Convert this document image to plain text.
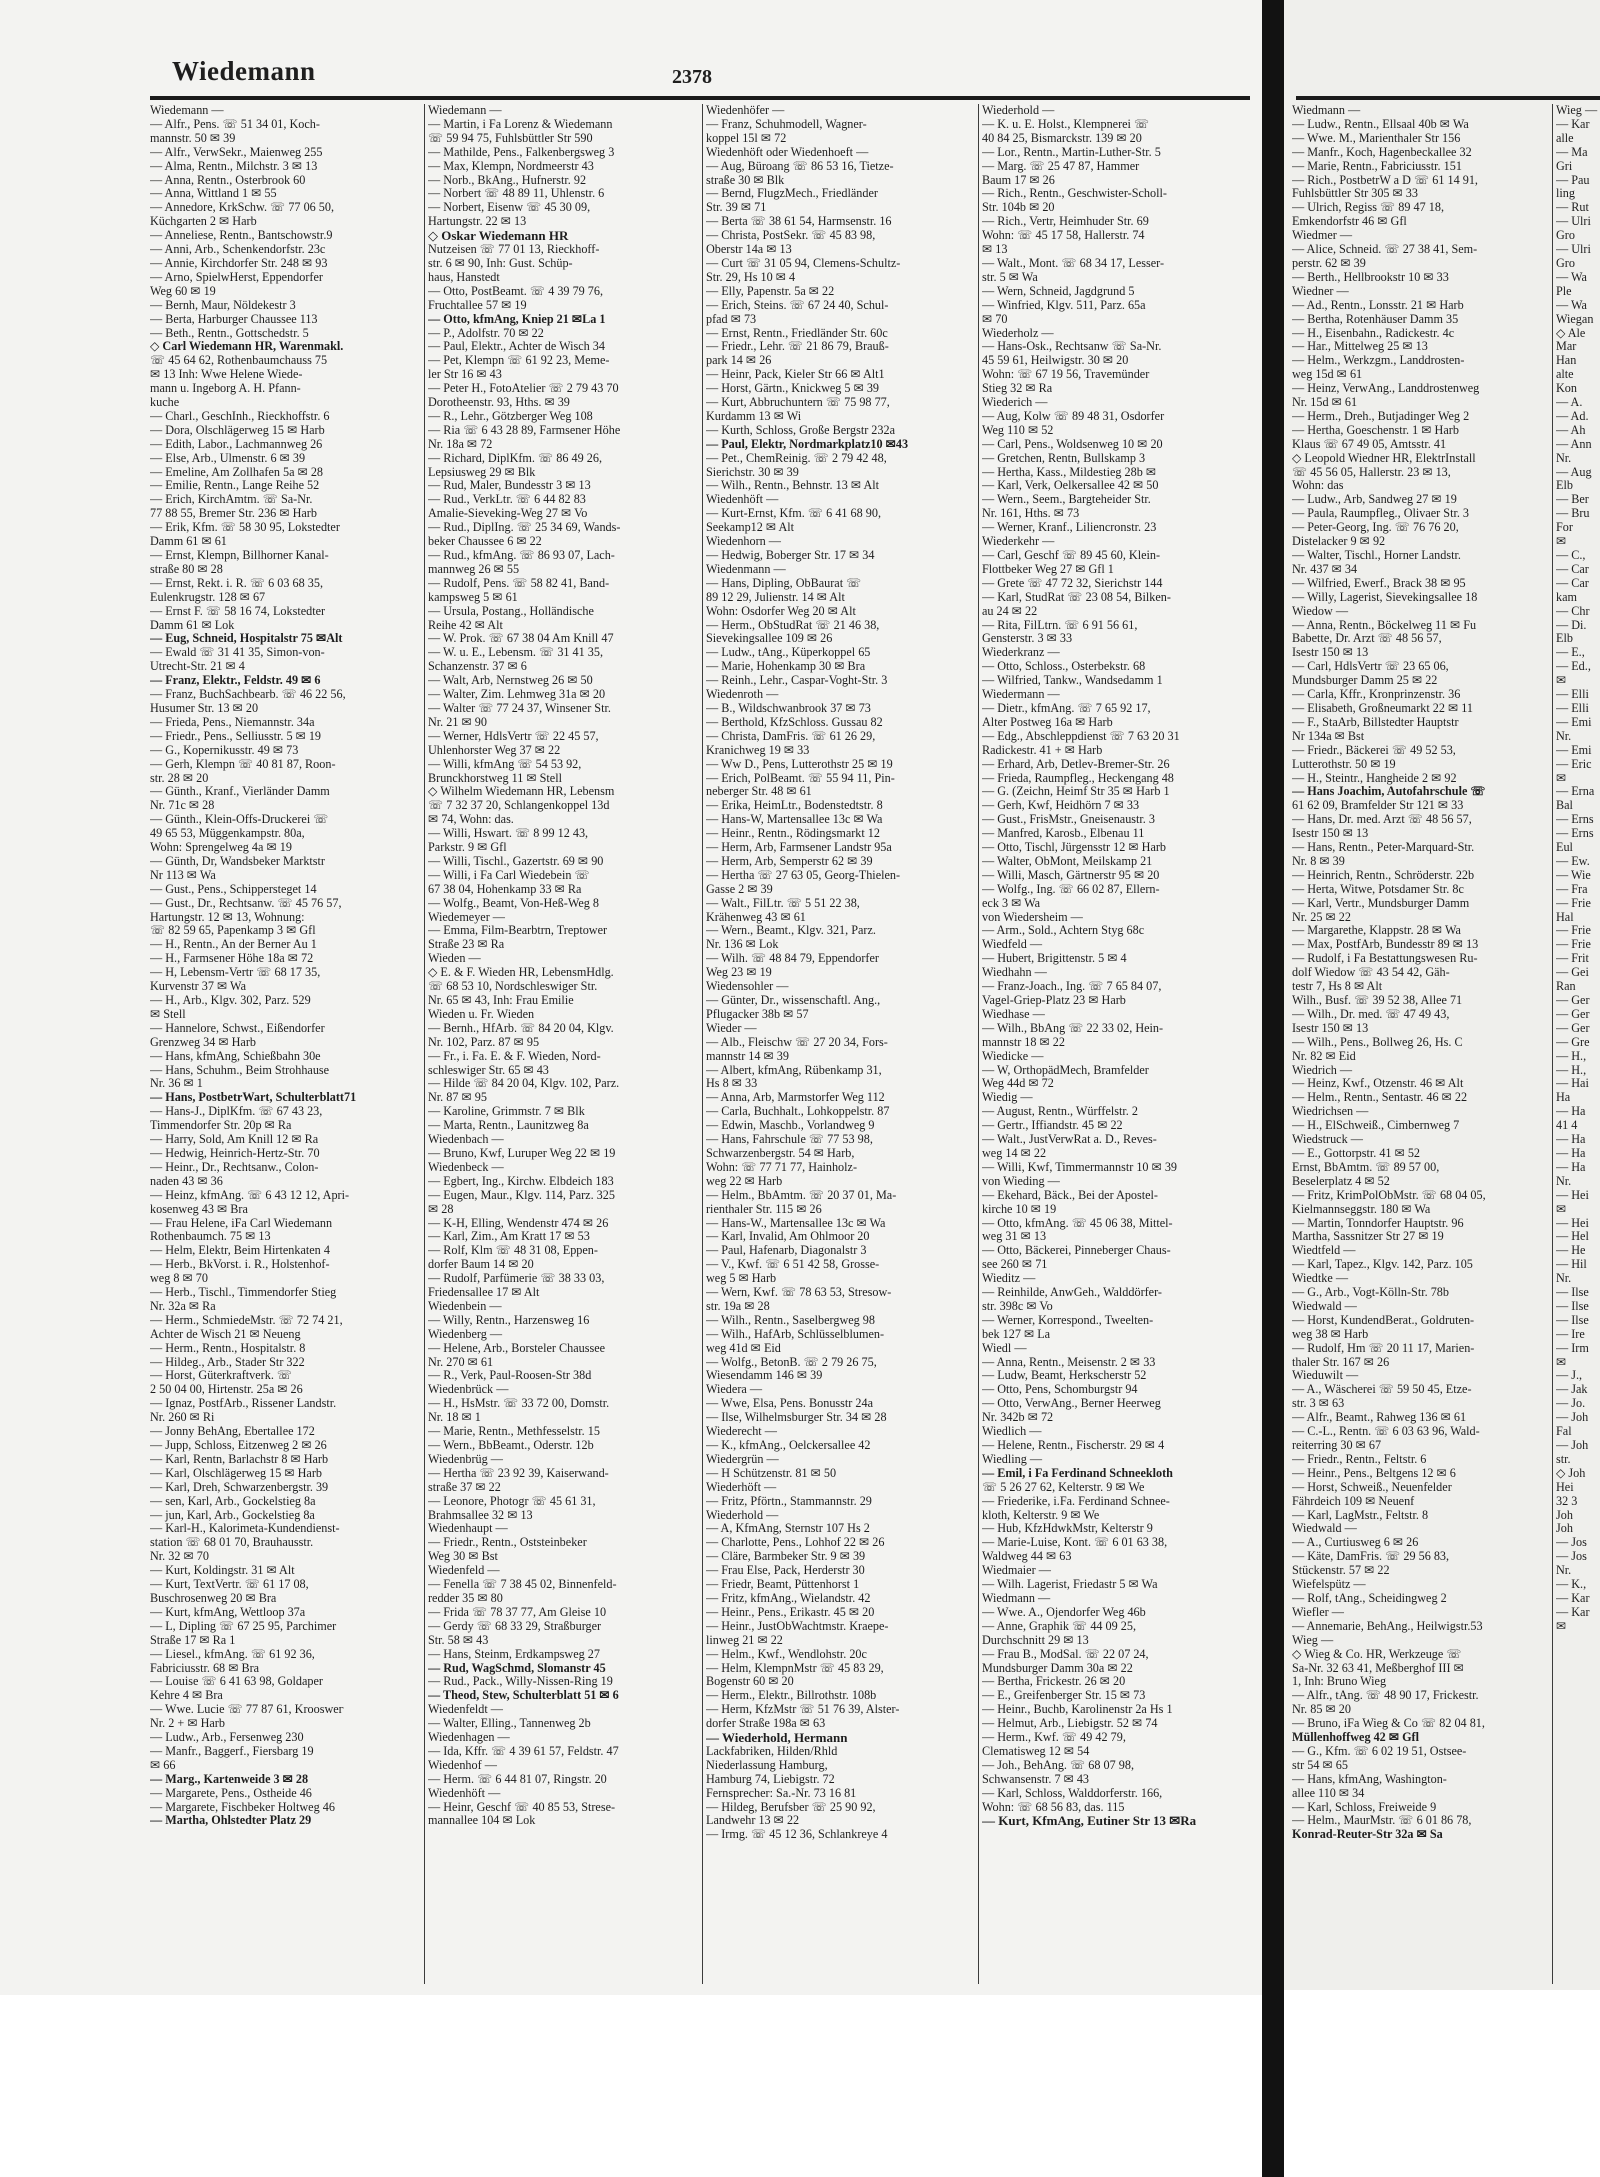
Wiedemann	2378
Wiedemann —
— Alfr., Pens. ☏ 51 34 01, Koch-
mannstr. 50 ✉ 39
— Alfr., VerwSekr., Maienweg 255
— Alma, Rentn., Milchstr. 3 ✉ 13
— Anna, Rentn., Osterbrook 60
— Anna, Wittland 1 ✉ 55
— Annedore, KrkSchw. ☏ 77 06 50,
Küchgarten 2 ✉ Harb
— Anneliese, Rentn., Bantschowstr.9
— Anni, Arb., Schenkendorfstr. 23c
— Annie, Kirchdorfer Str. 248 ✉ 93
— Arno, SpielwHerst, Eppendorfer
Weg 60 ✉ 19
— Bernh, Maur, Nöldekestr 3
— Berta, Harburger Chaussee 113
— Beth., Rentn., Gottschedstr. 5
◇ Carl Wiedemann HR, Warenmakl.
☏ 45 64 62, Rothenbaumchauss 75
✉ 13 Inh: Wwe Helene Wiede-
mann u. Ingeborg A. H. Pfann-
kuche
— Charl., GeschInh., Rieckhoffstr. 6
— Dora, Olschlägerweg 15 ✉ Harb
— Edith, Labor., Lachmannweg 26
— Else, Arb., Ulmenstr. 6 ✉ 39
— Emeline, Am Zollhafen 5a ✉ 28
— Emilie, Rentn., Lange Reihe 52
— Erich, KirchAmtm. ☏ Sa-Nr.
77 88 55, Bremer Str. 236 ✉ Harb
— Erik, Kfm. ☏ 58 30 95, Lokstedter
Damm 61 ✉ 61
— Ernst, Klempn, Billhorner Kanal-
straße 80 ✉ 28
— Ernst, Rekt. i. R. ☏ 6 03 68 35,
Eulenkrugstr. 128 ✉ 67
— Ernst F. ☏ 58 16 74, Lokstedter
Damm 61 ✉ Lok
— Eug, Schneid, Hospitalstr 75 ✉Alt
— Ewald ☏ 31 41 35, Simon-von-
Utrecht-Str. 21 ✉ 4
— Franz, Elektr., Feldstr. 49 ✉ 6
— Franz, BuchSachbearb. ☏ 46 22 56,
Husumer Str. 13 ✉ 20
— Frieda, Pens., Niemannstr. 34a
— Friedr., Pens., Selliusstr. 5 ✉ 19
— G., Kopernikusstr. 49 ✉ 73
— Gerh, Klempn ☏ 40 81 87, Roon-
str. 28 ✉ 20
— Günth., Kranf., Vierländer Damm
Nr. 71c ✉ 28
— Günth., Klein-Offs-Druckerei ☏
49 65 53, Müggenkampstr. 80a,
Wohn: Sprengelweg 4a ✉ 19
— Günth, Dr, Wandsbeker Marktstr
Nr 113 ✉ Wa
— Gust., Pens., Schippersteget 14
— Gust., Dr., Rechtsanw. ☏ 45 76 57,
Hartungstr. 12 ✉ 13, Wohnung:
☏ 82 59 65, Papenkamp 3 ✉ Gfl
— H., Rentn., An der Berner Au 1
— H., Farmsener Höhe 18a ✉ 72
— H, Lebensm-Vertr ☏ 68 17 35,
Kurvenstr 37 ✉ Wa
— H., Arb., Klgv. 302, Parz. 529
✉ Stell
— Hannelore, Schwst., Eißendorfer
Grenzweg 34 ✉ Harb
— Hans, kfmAng, Schießbahn 30e
— Hans, Schuhm., Beim Strohhause
Nr. 36 ✉ 1
— Hans, PostbetrWart, Schulterblatt71
— Hans-J., DiplKfm. ☏ 67 43 23,
Timmendorfer Str. 20p ✉ Ra
— Harry, Sold, Am Knill 12 ✉ Ra
— Hedwig, Heinrich-Hertz-Str. 70
— Heinr., Dr., Rechtsanw., Colon-
naden 43 ✉ 36
— Heinz, kfmAng. ☏ 6 43 12 12, Apri-
kosenweg 43 ✉ Bra
— Frau Helene, iFa Carl Wiedemann
Rothenbaumch. 75 ✉ 13
— Helm, Elektr, Beim Hirtenkaten 4
— Herb., BkVorst. i. R., Holstenhof-
weg 8 ✉ 70
— Herb., Tischl., Timmendorfer Stieg
Nr. 32a ✉ Ra
— Herm., SchmiedeMstr. ☏ 72 74 21,
Achter de Wisch 21 ✉ Neueng
— Herm., Rentn., Hospitalstr. 8
— Hildeg., Arb., Stader Str 322
— Horst, Güterkraftverk. ☏
2 50 04 00, Hirtenstr. 25a ✉ 26
— Ignaz, PostfArb., Rissener Landstr.
Nr. 260 ✉ Ri
— Jonny BehAng, Ebertallee 172
— Jupp, Schloss, Eitzenweg 2 ✉ 26
— Karl, Rentn, Barlachstr 8 ✉ Harb
— Karl, Olschlägerweg 15 ✉ Harb
— Karl, Dreh, Schwarzenbergstr. 39
— sen, Karl, Arb., Gockelstieg 8a
— jun, Karl, Arb., Gockelstieg 8a
— Karl-H., Kalorimeta-Kundendienst-
station ☏ 68 01 70, Brauhausstr.
Nr. 32 ✉ 70
— Kurt, Koldingstr. 31 ✉ Alt
— Kurt, TextVertr. ☏ 61 17 08,
Buschrosenweg 20 ✉ Bra
— Kurt, kfmAng, Wettloop 37a
— L, Dipling ☏ 67 25 95, Parchimer
Straße 17 ✉ Ra 1
— Liesel., kfmAng. ☏ 61 92 36,
Fabriciusstr. 68 ✉ Bra
— Louise ☏ 6 41 63 98, Goldaper
Kehre 4 ✉ Bra
— Wwe. Lucie ☏ 77 87 61, Krooswег
Nr. 2 + ✉ Harb
— Ludw., Arb., Fersenweg 230
— Manfr., Baggerf., Fiersbarg 19
✉ 66
— Marg., Kartenweide 3 ✉ 28
— Margarete, Pens., Ostheide 46
— Margarete, Fischbeker Holtweg 46
— Martha, Ohlstedter Platz 29
Wiedemann —
— Martin, i Fa Lorenz & Wiedemann
☏ 59 94 75, Fuhlsbüttler Str 590
— Mathilde, Pens., Falkenbergsweg 3
— Max, Klempn, Nordmeerstr 43
— Norb., BkAng., Hufnerstr. 92
— Norbert ☏ 48 89 11, Uhlenstr. 6
— Norbert, Eisenw ☏ 45 30 09,
Hartungstr. 22 ✉ 13
◇ Oskar Wiedemann HR
Nutzeisen ☏ 77 01 13, Rieckhoff-
str. 6 ✉ 90, Inh: Gust. Schüp-
haus, Hanstedt
— Otto, PostBeamt. ☏ 4 39 79 76,
Fruchtallee 57 ✉ 19
— Otto, kfmAng, Kniep 21 ✉La 1
— P., Adolfstr. 70 ✉ 22
— Paul, Elektr., Achter de Wisch 34
— Pet, Klempn ☏ 61 92 23, Meme-
ler Str 16 ✉ 43
— Peter H., FotoAtelier ☏ 2 79 43 70
Dorotheenstr. 93, Hths. ✉ 39
— R., Lehr., Götzberger Weg 108
— Ria ☏ 6 43 28 89, Farmsener Höhe
Nr. 18a ✉ 72
— Richard, DiplKfm. ☏ 86 49 26,
Lepsiusweg 29 ✉ Blk
— Rud, Maler, Bundesstr 3 ✉ 13
— Rud., VerkLtr. ☏ 6 44 82 83
Amalie-Sieveking-Weg 27 ✉ Vo
— Rud., DiplIng. ☏ 25 34 69, Wands-
beker Chaussee 6 ✉ 22
— Rud., kfmAng. ☏ 86 93 07, Lach-
mannweg 26 ✉ 55
— Rudolf, Pens. ☏ 58 82 41, Band-
kampsweg 5 ✉ 61
— Ursula, Postang., Holländische
Reihe 42 ✉ Alt
— W. Prok. ☏ 67 38 04 Am Knill 47
— W. u. E., Lebensm. ☏ 31 41 35,
Schanzenstr. 37 ✉ 6
— Walt, Arb, Nernstweg 26 ✉ 50
— Walter, Zim. Lehmweg 31a ✉ 20
— Walter ☏ 77 24 37, Winsener Str.
Nr. 21 ✉ 90
— Werner, HdlsVertr ☏ 22 45 57,
Uhlenhorster Weg 37 ✉ 22
— Willi, kfmAng ☏ 54 53 92,
Brunckhorstweg 11 ✉ Stell
◇ Wilhelm Wiedemann HR, Lebensm
☏ 7 32 37 20, Schlangenkoppel 13d
✉ 74, Wohn: das.
— Willi, Hswart. ☏ 8 99 12 43,
Parkstr. 9 ✉ Gfl
— Willi, Tischl., Gazertstr. 69 ✉ 90
— Willi, i Fa Carl Wiedebein ☏
67 38 04, Hohenkamp 33 ✉ Ra
— Wolfg., Beamt, Von-Heß-Weg 8
Wiedemeyer —
— Emma, Film-Bearbtrn, Treptower
Straße 23 ✉ Ra
Wieden —
◇ E. & F. Wieden HR, LebensmHdlg.
☏ 68 53 10, Nordschleswiger Str.
Nr. 65 ✉ 43, Inh: Frau Emilie
Wieden u. Fr. Wieden
— Bernh., HfArb. ☏ 84 20 04, Klgv.
Nr. 102, Parz. 87 ✉ 95
— Fr., i. Fa. E. & F. Wieden, Nord-
schleswiger Str. 65 ✉ 43
— Hilde ☏ 84 20 04, Klgv. 102, Parz.
Nr. 87 ✉ 95
— Karoline, Grimmstr. 7 ✉ Blk
— Marta, Rentn., Launitzweg 8a
Wiedenbach —
— Bruno, Kwf, Luruper Weg 22 ✉ 19
Wiedenbeck —
— Egbert, Ing., Kirchw. Elbdeich 183
— Eugen, Maur., Klgv. 114, Parz. 325
✉ 28
— K-H, Elling, Wendenstr 474 ✉ 26
— Karl, Zim., Am Kratt 17 ✉ 53
— Rolf, Klm ☏ 48 31 08, Eppen-
dorfer Baum 14 ✉ 20
— Rudolf, Parfümerie ☏ 38 33 03,
Friedensallee 17 ✉ Alt
Wiedenbein —
— Willy, Rentn., Harzensweg 16
Wiedenberg —
— Helene, Arb., Borsteler Chaussee
Nr. 270 ✉ 61
— R., Verk, Paul-Roosen-Str 38d
Wiedenbrück —
— H., HsMstr. ☏ 33 72 00, Domstr.
Nr. 18 ✉ 1
— Marie, Rentn., Methfesselstr. 15
— Wern., BbBeamt., Oderstr. 12b
Wiedenbrüg —
— Hertha ☏ 23 92 39, Kaiserwand-
straße 37 ✉ 22
— Leonore, Photogr ☏ 45 61 31,
Brahmsallee 32 ✉ 13
Wiedenhaupt —
— Friedr., Rentn., Oststeinbeker
Weg 30 ✉ Bst
Wiedenfeld —
— Fenella ☏ 7 38 45 02, Binnenfeld-
redder 35 ✉ 80
— Frida ☏ 78 37 77, Am Gleise 10
— Gerdy ☏ 68 33 29, Straßburger
Str. 58 ✉ 43
— Hans, Steinm, Erdkampsweg 27
— Rud, WagSchmd, Slomanstr 45
— Rud., Pack., Willy-Nissen-Ring 19
— Theod, Stew, Schulterblatt 51 ✉ 6
Wiedenfeldt —
— Walter, Elling., Tannenweg 2b
Wiedenhagen —
— Ida, Kffr. ☏ 4 39 61 57, Feldstr. 47
Wiedenhof —
— Herm. ☏ 6 44 81 07, Ringstr. 20
Wiedenhöft —
— Heinr, Geschf ☏ 40 85 53, Strese-
mannallee 104 ✉ Lok
Wiedenhöfer —
— Franz, Schuhmodell, Wagner-
koppel 15l ✉ 72
Wiedenhöft oder Wiedenhoeft —
— Aug, Büroang ☏ 86 53 16, Tietze-
straße 30 ✉ Blk
— Bernd, FlugzMech., Friedländer
Str. 39 ✉ 71
— Berta ☏ 38 61 54, Harmsenstr. 16
— Christa, PostSekr. ☏ 45 83 98,
Oberstr 14a ✉ 13
— Curt ☏ 31 05 94, Clemens-Schultz-
Str. 29, Hs 10 ✉ 4
— Elly, Papenstr. 5a ✉ 22
— Erich, Steins. ☏ 67 24 40, Schul-
pfad ✉ 73
— Ernst, Rentn., Friedländer Str. 60c
— Friedr., Lehr. ☏ 21 86 79, Brauß-
park 14 ✉ 26
— Heinr, Pack, Kieler Str 66 ✉ Alt1
— Horst, Gärtn., Knickweg 5 ✉ 39
— Kurt, Abbruchuntern ☏ 75 98 77,
Kurdamm 13 ✉ Wi
— Kurth, Schloss, Große Bergstr 232a
— Paul, Elektr, Nordmarkplatz10 ✉43
— Pet., ChemReinig. ☏ 2 79 42 48,
Sierichstr. 30 ✉ 39
— Wilh., Rentn., Behnstr. 13 ✉ Alt
Wiedenhöft —
— Kurt-Ernst, Kfm. ☏ 6 41 68 90,
Seekamp12 ✉ Alt
Wiedenhorn —
— Hedwig, Boberger Str. 17 ✉ 34
Wiedenmann —
— Hans, Dipling, ObBaurat ☏
89 12 29, Julienstr. 14 ✉ Alt
Wohn: Osdorfer Weg 20 ✉ Alt
— Herm., ObStudRat ☏ 21 46 38,
Sievekingsallee 109 ✉ 26
— Ludw., tAng., Küperkoppel 65
— Marie, Hohenkamp 30 ✉ Bra
— Reinh., Lehr., Caspar-Voght-Str. 3
Wiedenroth —
— B., Wildschwanbrook 37 ✉ 73
— Berthold, KfzSchloss. Gussau 82
— Christa, DamFris. ☏ 61 26 29,
Kranichweg 19 ✉ 33
— Ww D., Pens, Lutterothstr 25 ✉ 19
— Erich, PolBeamt. ☏ 55 94 11, Pin-
neberger Str. 48 ✉ 61
— Erika, HeimLtr., Bodenstedtstr. 8
— Hans-W, Martensallee 13c ✉ Wa
— Heinr., Rentn., Rödingsmarkt 12
— Herm, Arb, Farmsener Landstr 95a
— Herm, Arb, Semperstr 62 ✉ 39
— Hertha ☏ 27 63 05, Georg-Thielen-
Gasse 2 ✉ 39
— Walt., FilLtr. ☏ 5 51 22 38,
Krähenweg 43 ✉ 61
— Wern., Beamt., Klgv. 321, Parz.
Nr. 136 ✉ Lok
— Wilh. ☏ 48 84 79, Eppendorfer
Weg 23 ✉ 19
Wiedensohler —
— Günter, Dr., wissenschaftl. Ang.,
Pflugacker 38b ✉ 57
Wieder —
— Alb., Fleischw ☏ 27 20 34, Fors-
mannstr 14 ✉ 39
— Albert, kfmAng, Rübenkamp 31,
Hs 8 ✉ 33
— Anna, Arb, Marmstorfer Weg 112
— Carla, Buchhalt., Lohkoppelstr. 87
— Edwin, Maschb., Vorlandweg 9
— Hans, Fahrschule ☏ 77 53 98,
Schwarzenbergstr. 54 ✉ Harb,
Wohn: ☏ 77 71 77, Hainholz-
weg 22 ✉ Harb
— Helm., BbAmtm. ☏ 20 37 01, Ma-
rienthaler Str. 115 ✉ 26
— Hans-W., Martensallee 13c ✉ Wa
— Karl, Invalid, Am Ohlmoor 20
— Paul, Hafenarb, Diagonalstr 3
— V., Kwf. ☏ 6 51 42 58, Grosse-
weg 5 ✉ Harb
— Wern, Kwf. ☏ 78 63 53, Stresow-
str. 19a ✉ 28
— Wilh., Rentn., Saselbergweg 98
— Wilh., HafArb, Schlüsselblumen-
weg 41d ✉ Eid
— Wolfg., BetonB. ☏ 2 79 26 75,
Wiesendamm 146 ✉ 39
Wiedera —
— Wwe, Elsa, Pens. Bonusstr 24a
— Ilse, Wilhelmsburger Str. 34 ✉ 28
Wiederecht —
— K., kfmAng., Oelckersallee 42
Wiedergrün —
— H Schützenstr. 81 ✉ 50
Wiederhöft —
— Fritz, Pförtn., Stammannstr. 29
Wiederhold —
— A, KfmAng, Sternstr 107 Hs 2
— Charlotte, Pens., Lohhof 22 ✉ 26
— Cläre, Barmbeker Str. 9 ✉ 39
— Frau Else, Pack, Herderstr 30
— Friedr, Beamt, Püttenhorst 1
— Fritz, kfmAng., Wielandstr. 42
— Heinr., Pens., Erikastr. 45 ✉ 20
— Heinr., JustObWachtmstr. Kraepe-
linweg 21 ✉ 22
— Helm., Kwf., Wendlohstr. 20c
— Helm, KlempnMstr ☏ 45 83 29,
Bogenstr 60 ✉ 20
— Herm., Elektr., Billrothstr. 108b
— Herm, KfzMstr ☏ 51 76 39, Alster-
dorfer Straße 198a ✉ 63
— Wiederhold, Hermann
Lackfabriken, Hilden/Rhld
Niederlassung Hamburg,
Hamburg 74, Liebigstr. 72
Fernsprecher: Sa.-Nr. 73 16 81
— Hildeg, Berufsber ☏ 25 90 92,
Landwehr 13 ✉ 22
— Irmg. ☏ 45 12 36, Schlankreye 4
Wiederhold —
— K. u. E. Holst., Klempnerei ☏
40 84 25, Bismarckstr. 139 ✉ 20
— Lor., Rentn., Martin-Luther-Str. 5
— Marg. ☏ 25 47 87, Hammer
Baum 17 ✉ 26
— Rich., Rentn., Geschwister-Scholl-
Str. 104b ✉ 20
— Rich., Vertr, Heimhuder Str. 69
Wohn: ☏ 45 17 58, Hallerstr. 74
✉ 13
— Walt., Mont. ☏ 68 34 17, Lesser-
str. 5 ✉ Wa
— Wern, Schneid, Jagdgrund 5
— Winfried, Klgv. 511, Parz. 65a
✉ 70
Wiederholz —
— Hans-Osk., Rechtsanw ☏ Sa-Nr.
45 59 61, Heilwigstr. 30 ✉ 20
Wohn: ☏ 67 19 56, Travemünder
Stieg 32 ✉ Ra
Wiederich —
— Aug, Kolw ☏ 89 48 31, Osdorfer
Weg 110 ✉ 52
— Carl, Pens., Woldsenweg 10 ✉ 20
— Gretchen, Rentn, Bullskamp 3
— Hertha, Kass., Mildestieg 28b ✉
— Karl, Verk, Oelkersallee 42 ✉ 50
— Wern., Seem., Bargteheider Str.
Nr. 161, Hths. ✉ 73
— Werner, Kranf., Liliencronstr. 23
Wiederkehr —
— Carl, Geschf ☏ 89 45 60, Klein-
Flottbeker Weg 27 ✉ Gfl 1
— Grete ☏ 47 72 32, Sierichstr 144
— Karl, StudRat ☏ 23 08 54, Bilken-
au 24 ✉ 22
— Rita, FilLtrn. ☏ 6 91 56 61,
Gensterstr. 3 ✉ 33
Wiederkranz —
— Otto, Schloss., Osterbekstr. 68
— Wilfried, Tankw., Wandsedamm 1
Wiedermann —
— Dietr., kfmAng. ☏ 7 65 92 17,
Alter Postweg 16a ✉ Harb
— Edg., Abschleppdienst ☏ 7 63 20 31
Radickestr. 41 + ✉ Harb
— Erhard, Arb, Detlev-Bremer-Str. 26
— Frieda, Raumpfleg., Heckengang 48
— G. (Zeichn, Heimf Str 35 ✉ Harb 1
— Gerh, Kwf, Heidhörn 7 ✉ 33
— Gust., FrisMstr., Gneisenaustr. 3
— Manfred, Karosb., Elbenau 11
— Otto, Tischl, Jürgensstr 12 ✉ Harb
— Walter, ObMont, Meilskamp 21
— Willi, Masch, Gärtnerstr 95 ✉ 20
— Wolfg., Ing. ☏ 66 02 87, Ellern-
eck 3 ✉ Wa
von Wiedersheim —
— Arm., Sold., Achtern Styg 68c
Wiedfeld —
— Hubert, Brigittenstr. 5 ✉ 4
Wiedhahn —
— Franz-Joach., Ing. ☏ 7 65 84 07,
Vagel-Griep-Platz 23 ✉ Harb
Wiedhase —
— Wilh., BbAng ☏ 22 33 02, Hein-
mannstr 18 ✉ 22
Wiedicke —
— W, OrthopädMech, Bramfelder
Weg 44d ✉ 72
Wiedig —
— August, Rentn., Würffelstr. 2
— Gertr., Iffiandstr. 45 ✉ 22
— Walt., JustVerwRat a. D., Reves-
weg 14 ✉ 22
— Willi, Kwf, Timmermannstr 10 ✉ 39
von Wieding —
— Ekehard, Bäck., Bei der Apostel-
kirche 10 ✉ 19
— Otto, kfmAng. ☏ 45 06 38, Mittel-
weg 31 ✉ 13
— Otto, Bäckerei, Pinneberger Chaus-
see 260 ✉ 71
Wieditz —
— Reinhilde, AnwGeh., Walddörfer-
str. 398c ✉ Vo
— Werner, Korrespond., Tweelten-
bek 127 ✉ La
Wiedl —
— Anna, Rentn., Meisenstr. 2 ✉ 33
— Ludw, Beamt, Herkscherstr 52
— Otto, Pens, Schomburgstr 94
— Otto, VerwAng., Berner Heerweg
Nr. 342b ✉ 72
Wiedlich —
— Helene, Rentn., Fischerstr. 29 ✉ 4
Wiedling —
— Emil, i Fa Ferdinand Schneekloth
☏ 5 26 27 62, Kelterstr. 9 ✉ We
— Friederike, i.Fa. Ferdinand Schnee-
kloth, Kelterstr. 9 ✉ We
— Hub, KfzHdwkMstr, Kelterstr 9
— Marie-Luise, Kont. ☏ 6 01 63 38,
Waldweg 44 ✉ 63
Wiedmaier —
— Wilh. Lagerist, Friedastr 5 ✉ Wa
Wiedmann —
— Wwe. A., Ojendorfer Weg 46b
— Anne, Graphik ☏ 44 09 25,
Durchschnitt 29 ✉ 13
— Frau B., ModSal. ☏ 22 07 24,
Mundsburger Damm 30a ✉ 22
— Bertha, Frickestr. 26 ✉ 20
— E., Greifenberger Str. 15 ✉ 73
— Heinr., Buchb, Karolinenstr 2a Hs 1
— Helmut, Arb., Liebigstr. 52 ✉ 74
— Herm., Kwf. ☏ 49 42 79,
Clematisweg 12 ✉ 54
— Joh., BehAng. ☏ 68 07 98,
Schwansenstr. 7 ✉ 43
— Karl, Schloss, Walddorferstr. 166,
Wohn: ☏ 68 56 83, das. 115
— Kurt, KfmAng, Eutiner Str 13 ✉Ra
Wiedmann —
— Ludw., Rentn., Ellsaal 40b ✉ Wa
— Wwe. M., Marienthaler Str 156
— Manfr., Koch, Hagenbeckallee 32
— Marie, Rentn., Fabriciusstr. 151
— Rich., PostbetrW a D ☏ 61 14 91,
Fuhlsbüttler Str 305 ✉ 33
— Ulrich, Regiss ☏ 89 47 18,
Emkendorfstr 46 ✉ Gfl
Wiedmer —
— Alice, Schneid. ☏ 27 38 41, Sem-
perstr. 62 ✉ 39
— Berth., Hellbrookstr 10 ✉ 33
Wiedner —
— Ad., Rentn., Lonsstr. 21 ✉ Harb
— Bertha, Rotenhäuser Damm 35
— H., Eisenbahn., Radickestr. 4c
— Har., Mittelweg 25 ✉ 13
— Helm., Werkzgm., Landdrosten-
weg 15d ✉ 61
— Heinz, VerwAng., Landdrostenweg
Nr. 15d ✉ 61
— Herm., Dreh., Butjadinger Weg 2
— Hertha, Goeschenstr. 1 ✉ Harb
Klaus ☏ 67 49 05, Amtsstr. 41
◇ Leopold Wiedner HR, ElektrInstall
☏ 45 56 05, Hallerstr. 23 ✉ 13,
Wohn: das
— Ludw., Arb, Sandweg 27 ✉ 19
— Paula, Raumpfleg., Olivaer Str. 3
— Peter-Georg, Ing. ☏ 76 76 20,
Distelacker 9 ✉ 92
— Walter, Tischl., Horner Landstr.
Nr. 437 ✉ 34
— Wilfried, Ewerf., Brack 38 ✉ 95
— Willy, Lagerist, Sievekingsallee 18
Wiedow —
— Anna, Rentn., Böckelweg 11 ✉ Fu
Babette, Dr. Arzt ☏ 48 56 57,
Isestr 150 ✉ 13
— Carl, HdlsVertr ☏ 23 65 06,
Mundsburger Damm 25 ✉ 22
— Carla, Kffr., Kronprinzenstr. 36
— Elisabeth, Großneumarkt 22 ✉ 11
— F., StaArb, Billstedter Hauptstr
Nr 134a ✉ Bst
— Friedr., Bäckerei ☏ 49 52 53,
Lutterothstr. 50 ✉ 19
— H., Steintr., Hangheide 2 ✉ 92
— Hans Joachim, Autofahrschule ☏
61 62 09, Bramfelder Str 121 ✉ 33
— Hans, Dr. med. Arzt ☏ 48 56 57,
Isestr 150 ✉ 13
— Hans, Rentn., Peter-Marquard-Str.
Nr. 8 ✉ 39
— Heinrich, Rentn., Schröderstr. 22b
— Herta, Witwe, Potsdamer Str. 8c
— Karl, Vertr., Mundsburger Damm
Nr. 25 ✉ 22
— Margarethe, Klappstr. 28 ✉ Wa
— Max, PostfArb, Bundesstr 89 ✉ 13
— Rudolf, i Fa Bestattungswesen Ru-
dolf Wiedow ☏ 43 54 42, Gäh-
testr 7, Hs 8 ✉ Alt
Wilh., Busf. ☏ 39 52 38, Allee 71
— Wilh., Dr. med. ☏ 47 49 43,
Isestr 150 ✉ 13
— Wilh., Pens., Bollweg 26, Hs. C
Nr. 82 ✉ Eid
Wiedrich —
— Heinz, Kwf., Otzenstr. 46 ✉ Alt
— Helm., Rentn., Sentastr. 46 ✉ 22
Wiedrichsen —
— H., ElSchweiß., Cimbernweg 7
Wiedstruck —
— E., Gottorpstr. 41 ✉ 52
Ernst, BbAmtm. ☏ 89 57 00,
Beselerplatz 4 ✉ 52
— Fritz, KrimPolObMstr. ☏ 68 04 05,
Kielmannseggstr. 180 ✉ Wa
— Martin, Tonndorfer Hauptstr. 96
Martha, Sassnitzer Str 27 ✉ 19
Wiedtfeld —
— Karl, Tapez., Klgv. 142, Parz. 105
Wiedtke —
— G., Arb., Vogt-Kölln-Str. 78b
Wiedwald —
— Horst, KundendBerat., Goldruten-
weg 38 ✉ Harb
— Rudolf, Hm ☏ 20 11 17, Marien-
thaler Str. 167 ✉ 26
Wieduwilt —
— A., Wäscherei ☏ 59 50 45, Etze-
str. 3 ✉ 63
— Alfr., Beamt., Rahweg 136 ✉ 61
— C.-L., Rentn. ☏ 6 03 63 96, Wald-
reiterring 30 ✉ 67
— Friedr., Rentn., Feltstr. 6
— Heinr., Pens., Beltgens 12 ✉ 6
— Horst, Schweiß., Neuenfelder
Fährdeich 109 ✉ Neuenf
— Karl, LagMstr., Feltstr. 8
Wiedwald —
— A., Curtiusweg 6 ✉ 26
— Käte, DamFris. ☏ 29 56 83,
Stückenstr. 57 ✉ 22
Wiefelspütz —
— Rolf, tAng., Scheidingweg 2
Wiefler —
— Annemarie, BehAng., Heilwigstr.53
Wieg —
◇ Wieg & Co. HR, Werkzeuge ☏
Sa-Nr. 32 63 41, Meßberghof III ✉
1, Inh: Bruno Wieg
— Alfr., tAng. ☏ 48 90 17, Frickestr.
Nr. 85 ✉ 20
— Bruno, iFa Wieg & Co ☏ 82 04 81,
Müllenhoffweg 42 ✉ Gfl
— G., Kfm. ☏ 6 02 19 51, Ostsee-
str 54 ✉ 65
— Hans, kfmAng, Washington-
allee 110 ✉ 34
— Karl, Schloss, Freiweide 9
— Helm., MaurMstr. ☏ 6 01 86 78,
Konrad-Reuter-Str 32a ✉ Sa
Wieg —
— Kar
alle
— Ma
Gri
— Pau
ling
— Rut
— Ulri
Gro
— Ulri
Gro
— Wa
Ple
— Wa
Wiegan
◇ Ale
Mar
Han
alte
Kon
— A.
— Ad.
— Ah
— Ann
Nr.
— Aug
Elb
— Ber
— Bru
For
✉
— C.,
— Car
— Car
kam
— Chr
— Di.
Elb
— E.,
— Ed.,
✉
— Elli
— Elli
— Emi
Nr.
— Emi
— Eric
✉
— Erna
Bal
— Erns
— Erns
Eul
— Ew.
— Wie
— Fra
— Frie
Hal
— Frie
— Frie
— Frit
— Gei
Ran
— Ger
— Ger
— Ger
— Gre
— H.,
— H.,
— Hai
Ha
— Ha
41 4
— Ha
— Ha
— Ha
Nr.
— Hei
✉
— Hei
— Hel
— He
— Hil
Nr.
— Ilse
— Ilse
— Ilse
— Ire
— Irm
✉
— J.,
— Jak
— Jo.
— Joh
Fal
— Joh
str.
◇ Joh
Hei
32 3
Joh
Joh
— Jos
— Jos
Nr.
— K.,
— Kar
— Kar
✉
